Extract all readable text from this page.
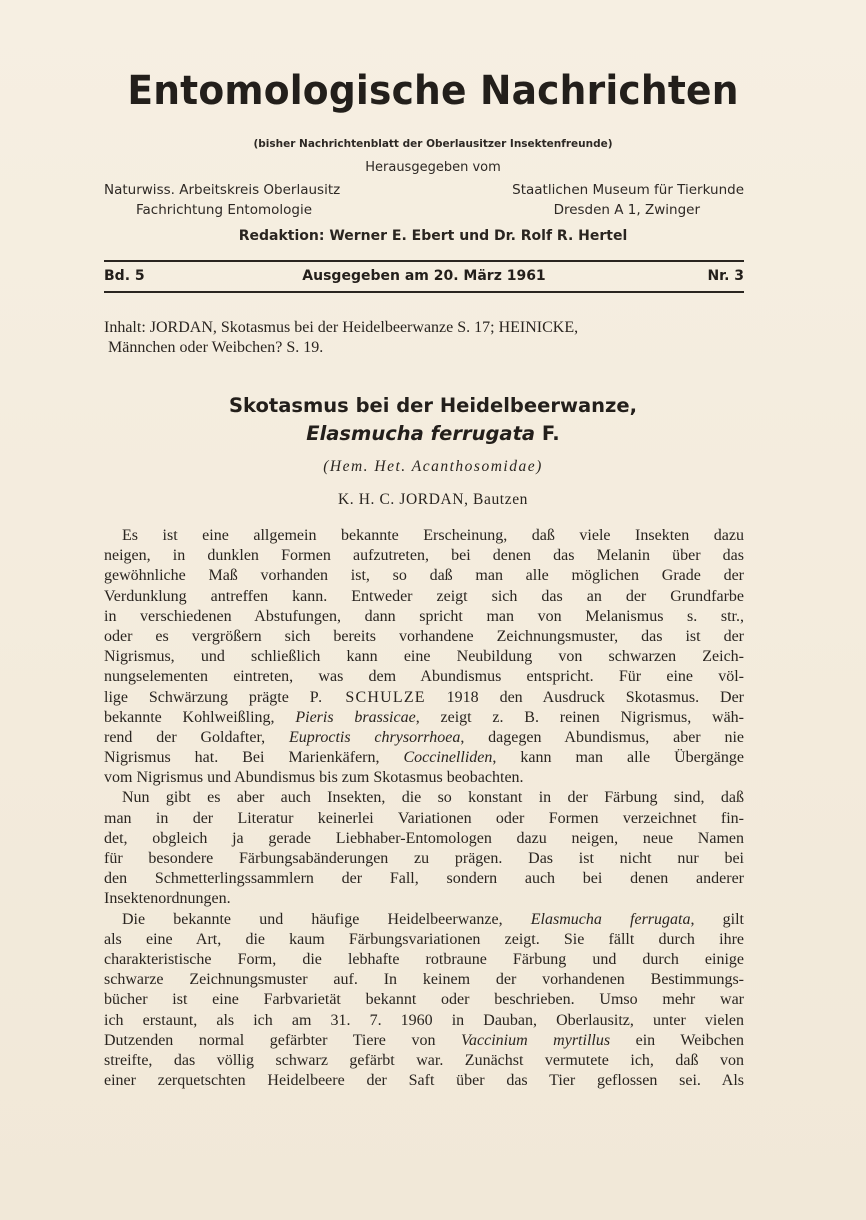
Entomologische Nachrichten
(bisher Nachrichtenblatt der Oberlausitzer Insektenfreunde)
Herausgegeben vom
Naturwiss. Arbeitskreis Oberlausitz
Fachrichtung Entomologie
Staatlichen Museum für Tierkunde
Dresden A 1, Zwinger
Redaktion: Werner E. Ebert und Dr. Rolf R. Hertel
Bd. 5	Ausgegeben am 20. März 1961	Nr. 3
Inhalt: JORDAN, Skotasmus bei der Heidelbeerwanze S. 17; HEINICKE,
Männchen oder Weibchen? S. 19.
Skotasmus bei der Heidelbeerwanze,
Elasmucha ferrugata F.
(Hem. Het. Acanthosomidae)
K. H. C. JORDAN, Bautzen
Es ist eine allgemein bekannte Erscheinung, daß viele Insekten dazu
neigen, in dunklen Formen aufzutreten, bei denen das Melanin über das
gewöhnliche Maß vorhanden ist, so daß man alle möglichen Grade der
Verdunklung antreffen kann. Entweder zeigt sich das an der Grundfarbe
in verschiedenen Abstufungen, dann spricht man von Melanismus s. str.,
oder es vergrößern sich bereits vorhandene Zeichnungsmuster, das ist der
Nigrismus, und schließlich kann eine Neubildung von schwarzen Zeich-
nungselementen eintreten, was dem Abundismus entspricht. Für eine völ-
lige Schwärzung prägte P. SCHULZE 1918 den Ausdruck Skotasmus. Der
bekannte Kohlweißling, Pieris brassicae, zeigt z. B. reinen Nigrismus, wäh-
rend der Goldafter, Euproctis chrysorrhoea, dagegen Abundismus, aber nie
Nigrismus hat. Bei Marienkäfern, Coccinelliden, kann man alle Übergänge
vom Nigrismus und Abundismus bis zum Skotasmus beobachten.
Nun gibt es aber auch Insekten, die so konstant in der Färbung sind, daß
man in der Literatur keinerlei Variationen oder Formen verzeichnet fin-
det, obgleich ja gerade Liebhaber-Entomologen dazu neigen, neue Namen
für besondere Färbungsabänderungen zu prägen. Das ist nicht nur bei
den Schmetterlingssammlern der Fall, sondern auch bei denen anderer
Insektenordnungen.
Die bekannte und häufige Heidelbeerwanze, Elasmucha ferrugata, gilt
als eine Art, die kaum Färbungsvariationen zeigt. Sie fällt durch ihre
charakteristische Form, die lebhafte rotbraune Färbung und durch einige
schwarze Zeichnungsmuster auf. In keinem der vorhandenen Bestimmungs-
bücher ist eine Farbvarietät bekannt oder beschrieben. Umso mehr war
ich erstaunt, als ich am 31. 7. 1960 in Dauban, Oberlausitz, unter vielen
Dutzenden normal gefärbter Tiere von Vaccinium myrtillus ein Weibchen
streifte, das völlig schwarz gefärbt war. Zunächst vermutete ich, daß von
einer zerquetschten Heidelbeere der Saft über das Tier geflossen sei. Als
